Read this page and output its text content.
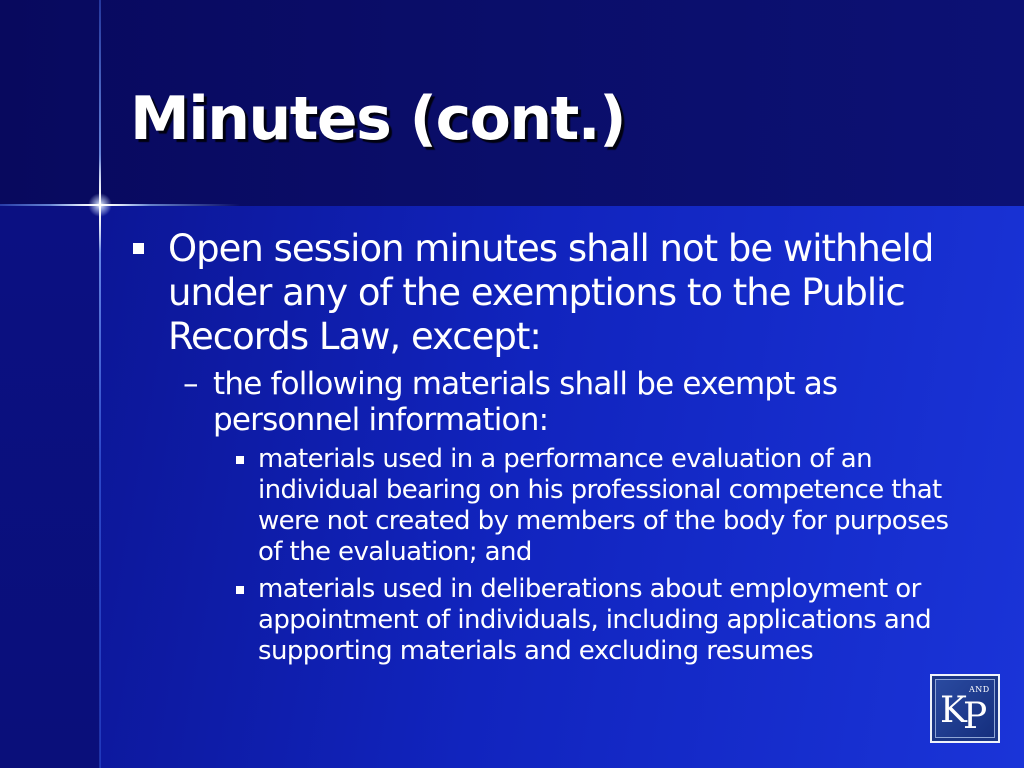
Minutes (cont.)

Open session minutes shall not be withheld under any of the exemptions to the Public Records Law, except:

– the following materials shall be exempt as personnel information:

materials used in a performance evaluation of an individual bearing on his professional competence that were not created by members of the body for purposes of the evaluation; and

materials used in deliberations about employment or appointment of individuals, including applications and supporting materials and excluding resumes

K
AND
P
